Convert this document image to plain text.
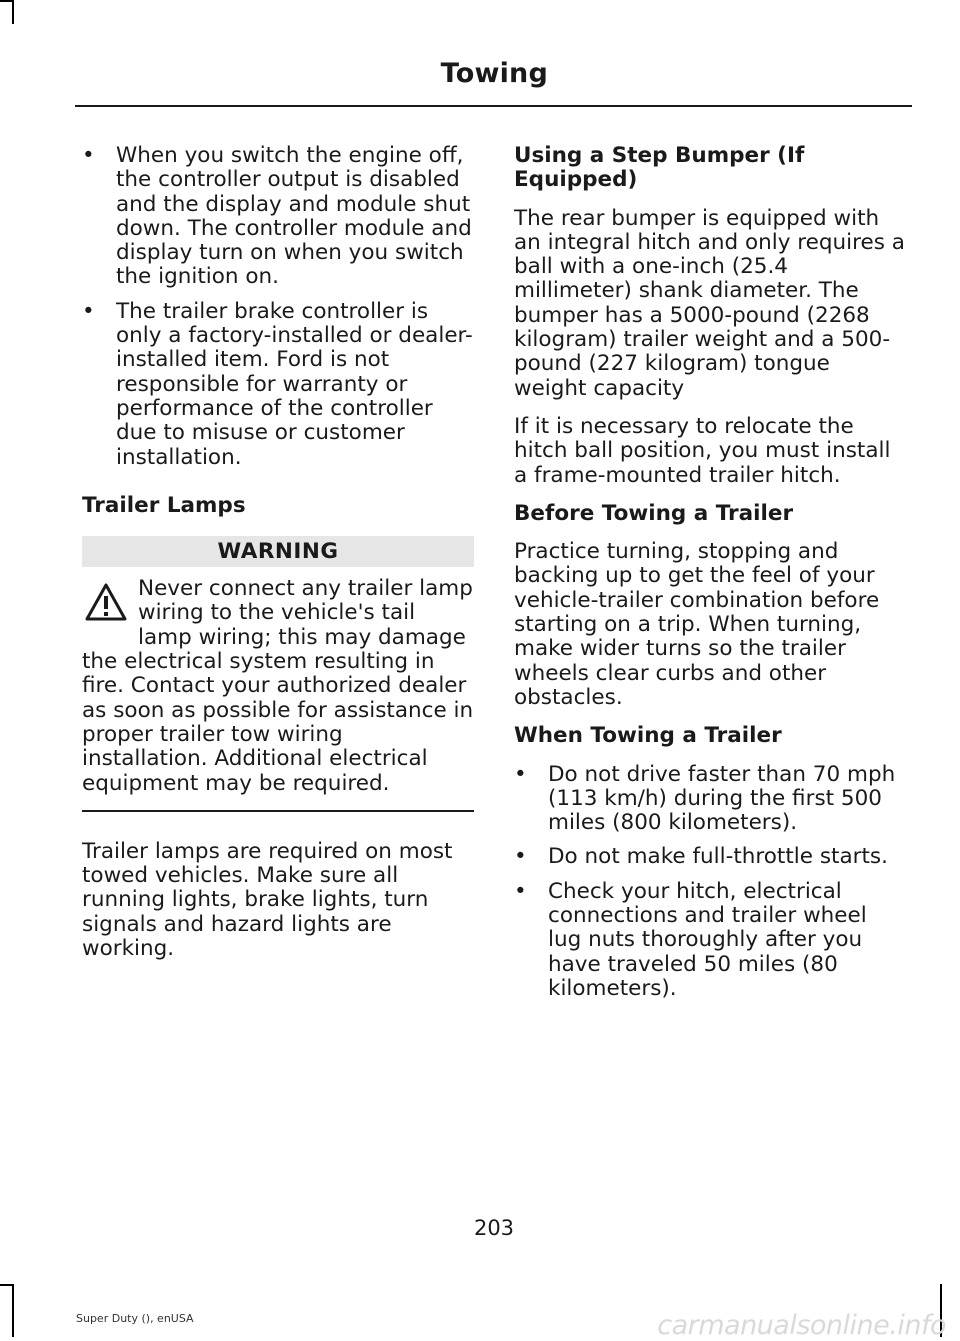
Towing
• When you switch the engine off, the controller output is disabled and the display and module shut down. The controller module and display turn on when you switch the ignition on.
• The trailer brake controller is only a factory-installed or dealer-installed item. Ford is not responsible for warranty or performance of the controller due to misuse or customer installation.
Trailer Lamps
WARNING
Never connect any trailer lamp wiring to the vehicle's tail lamp wiring; this may damage the electrical system resulting in fire. Contact your authorized dealer as soon as possible for assistance in proper trailer tow wiring installation. Additional electrical equipment may be required.
Trailer lamps are required on most towed vehicles. Make sure all running lights, brake lights, turn signals and hazard lights are working.
Using a Step Bumper (If Equipped)
The rear bumper is equipped with an integral hitch and only requires a ball with a one-inch (25.4 millimeter) shank diameter. The bumper has a 5000-pound (2268 kilogram) trailer weight and a 500-pound (227 kilogram) tongue weight capacity
If it is necessary to relocate the hitch ball position, you must install a frame-mounted trailer hitch.
Before Towing a Trailer
Practice turning, stopping and backing up to get the feel of your vehicle-trailer combination before starting on a trip. When turning, make wider turns so the trailer wheels clear curbs and other obstacles.
When Towing a Trailer
• Do not drive faster than 70 mph (113 km/h) during the first 500 miles (800 kilometers).
• Do not make full-throttle starts.
• Check your hitch, electrical connections and trailer wheel lug nuts thoroughly after you have traveled 50 miles (80 kilometers).
203
Super Duty (), enUSA	carmanualsonline.info
